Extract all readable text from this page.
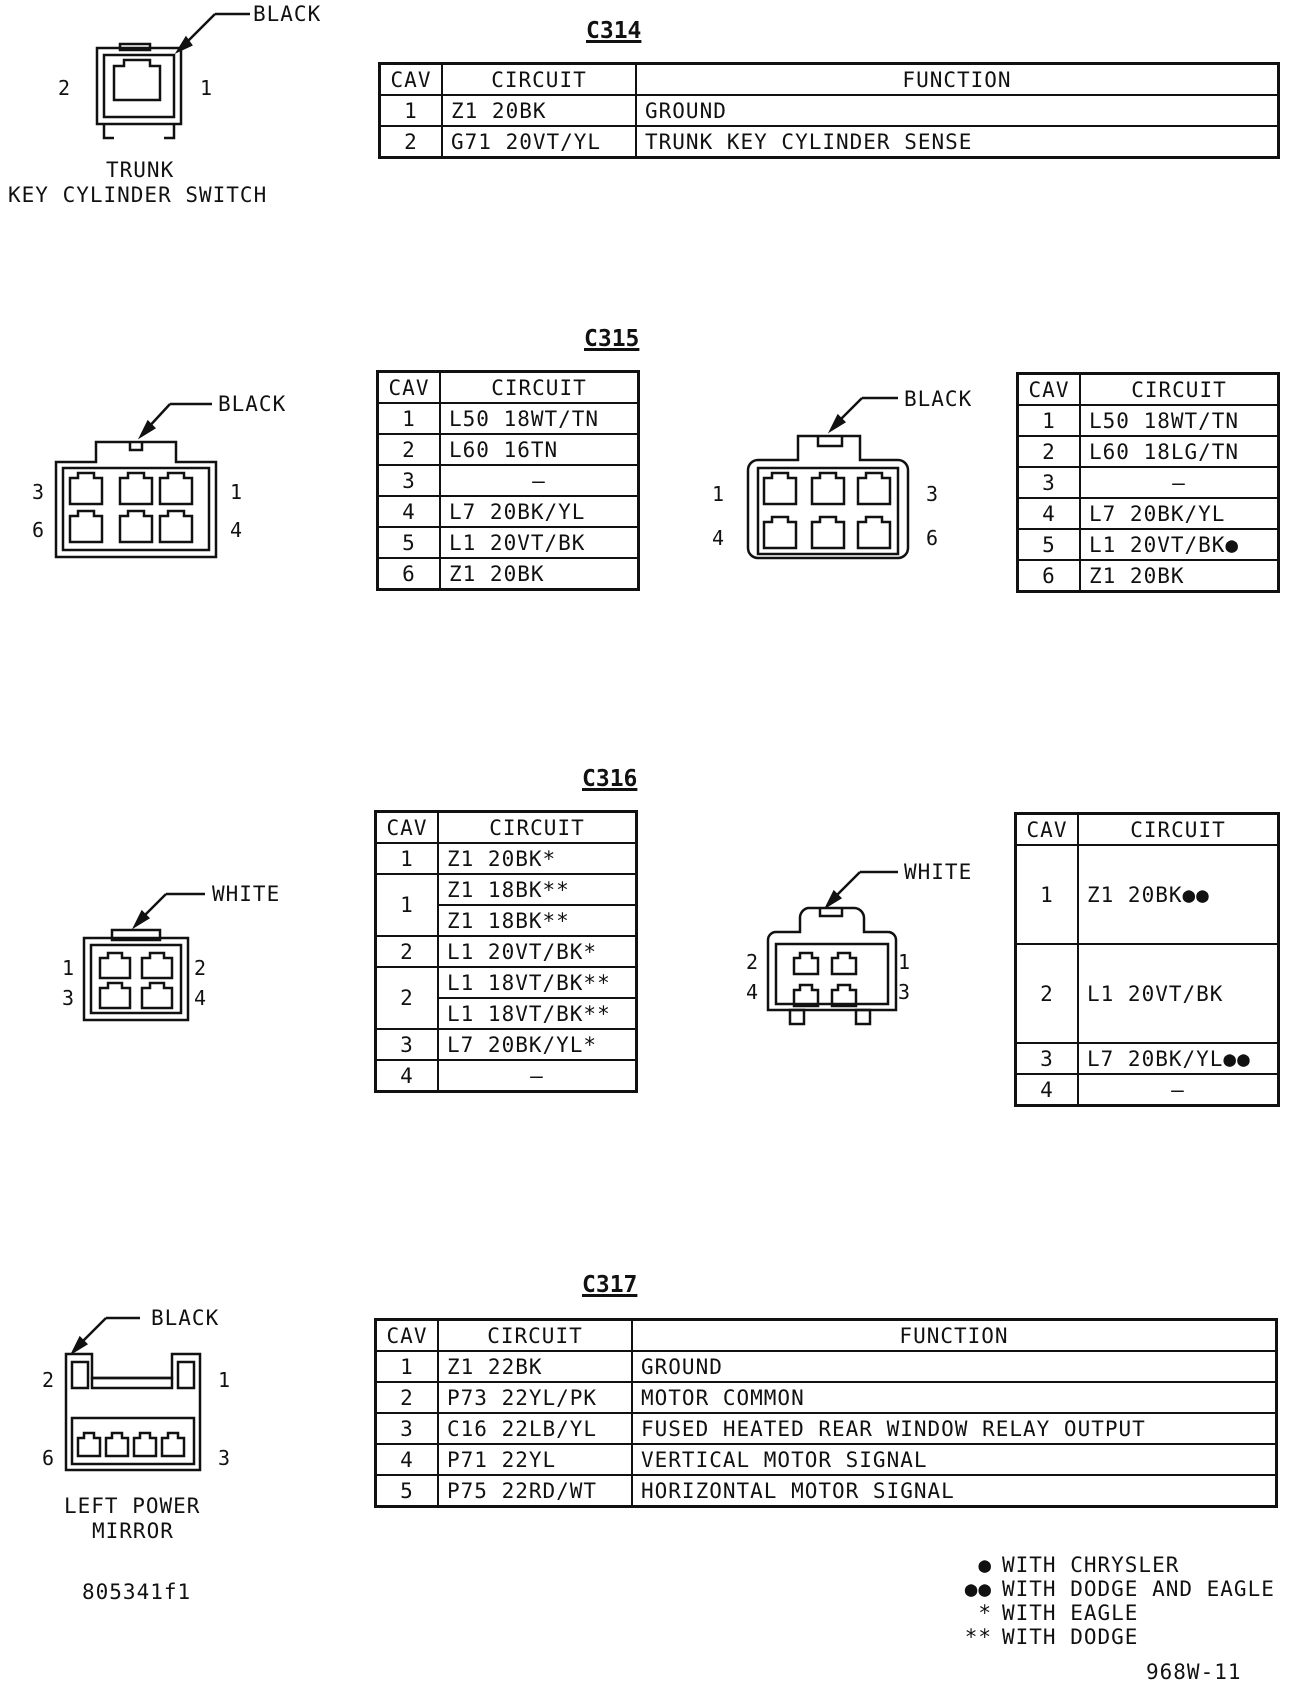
C314
BLACK
2	1
TRUNK
KEY CYLINDER SWITCH
CAV	CIRCUIT	FUNCTION
1	Z1 20BK	GROUND
2	G71 20VT/YL	TRUNK KEY CYLINDER SENSE
C315
BLACK
3	1
6	4
CAV	CIRCUIT
1	L50 18WT/TN
2	L60 16TN
3	–
4	L7 20BK/YL
5	L1 20VT/BK
6	Z1 20BK
BLACK
1	3
4	6
CAV	CIRCUIT
1	L50 18WT/TN
2	L60 18LG/TN
3	–
4	L7 20BK/YL
5	L1 20VT/BK●
6	Z1 20BK
C316
WHITE
1	2
3	4
CAV	CIRCUIT
1	Z1 20BK*
1	Z1 18BK**
	Z1 18BK**
2	L1 20VT/BK*
2	L1 18VT/BK**
	L1 18VT/BK**
3	L7 20BK/YL*
4	–
WHITE
2	1
4	3
CAV	CIRCUIT
1	Z1 20BK●●
2	L1 20VT/BK
3	L7 20BK/YL●●
4	–
C317
BLACK
2	1
6	3
LEFT POWER
MIRROR
CAV	CIRCUIT	FUNCTION
1	Z1 22BK	GROUND
2	P73 22YL/PK	MOTOR COMMON
3	C16 22LB/YL	FUSED HEATED REAR WINDOW RELAY OUTPUT
4	P71 22YL	VERTICAL MOTOR SIGNAL
5	P75 22RD/WT	HORIZONTAL MOTOR SIGNAL
805341f1
● WITH CHRYSLER
●● WITH DODGE AND EAGLE
* WITH EAGLE
** WITH DODGE
968W-11
